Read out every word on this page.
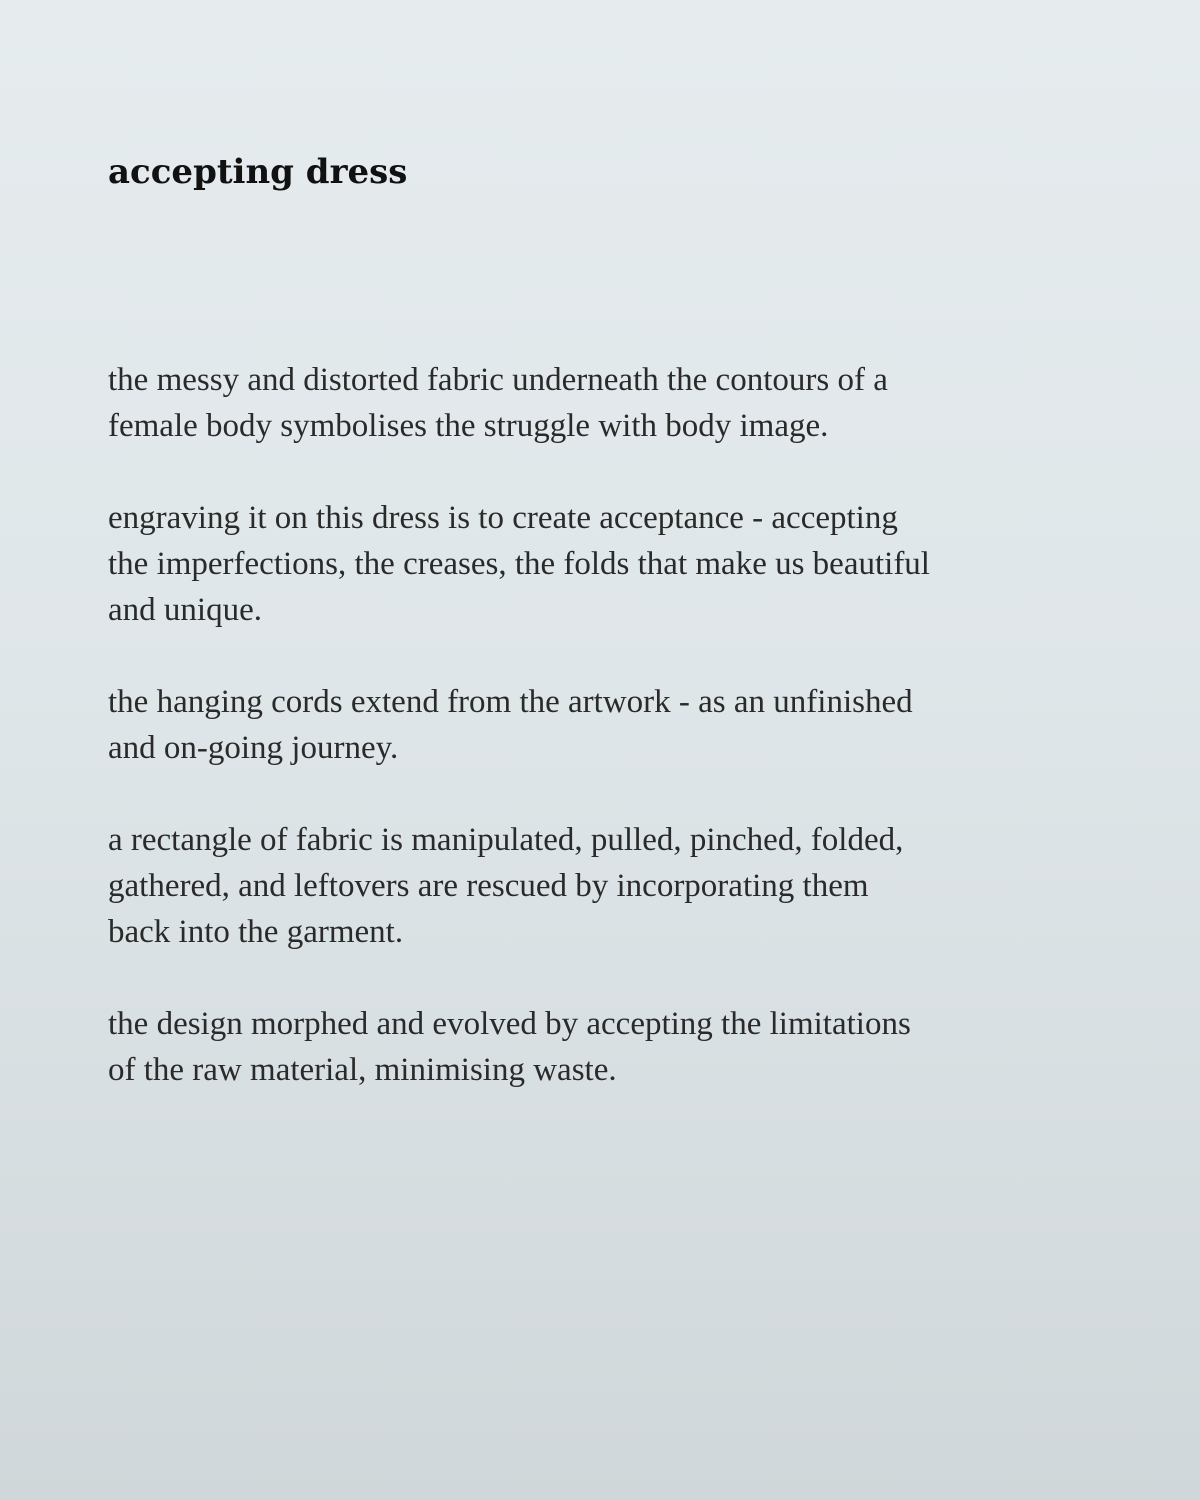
accepting dress

the messy and distorted fabric underneath the contours of a
female body symbolises the struggle with body image.

engraving it on this dress is to create acceptance - accepting
the imperfections, the creases, the folds that make us beautiful
and unique.

the hanging cords extend from the artwork - as an unfinished
and on-going journey.

a rectangle of fabric is manipulated, pulled, pinched, folded,
gathered, and leftovers are rescued by incorporating them
back into the garment.

the design morphed and evolved by accepting the limitations
of the raw material, minimising waste.
